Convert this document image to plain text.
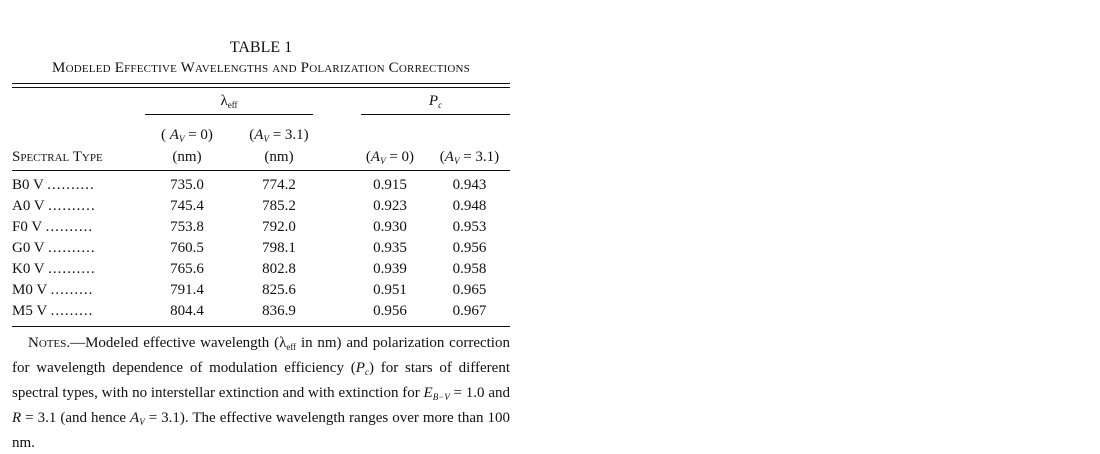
TABLE 1
Modeled Effective Wavelengths and Polarization Corrections

	$\lambda_{eff}$			$P_c$

	( $A_V = 0$)	$(A_V = 3.1)$			
Spectral Type	(nm)	(nm)		$(A_V = 0)$	$(A_V = 3.1)$
B0 V ..........	735.0	774.2		0.915	0.943
A0 V ..........	745.4	785.2		0.923	0.948
F0 V ..........	753.8	792.0		0.930	0.953
G0 V ..........	760.5	798.1		0.935	0.956
K0 V ..........	765.6	802.8		0.939	0.958
M0 V .........	791.4	825.6		0.951	0.965
M5 V .........	804.4	836.9		0.956	0.967
Notes.—Modeled effective wavelength ($\lambda_{eff}$ in nm) and polarization correction for wavelength dependence of modulation efficiency $(P_c)$ for stars of different spectral types, with no interstellar extinction and with extinction for $E_{B-V} = 1.0$ and R = 3.1 (and hence $A_V = 3.1$). The effective wavelength ranges over more than 100 nm.
